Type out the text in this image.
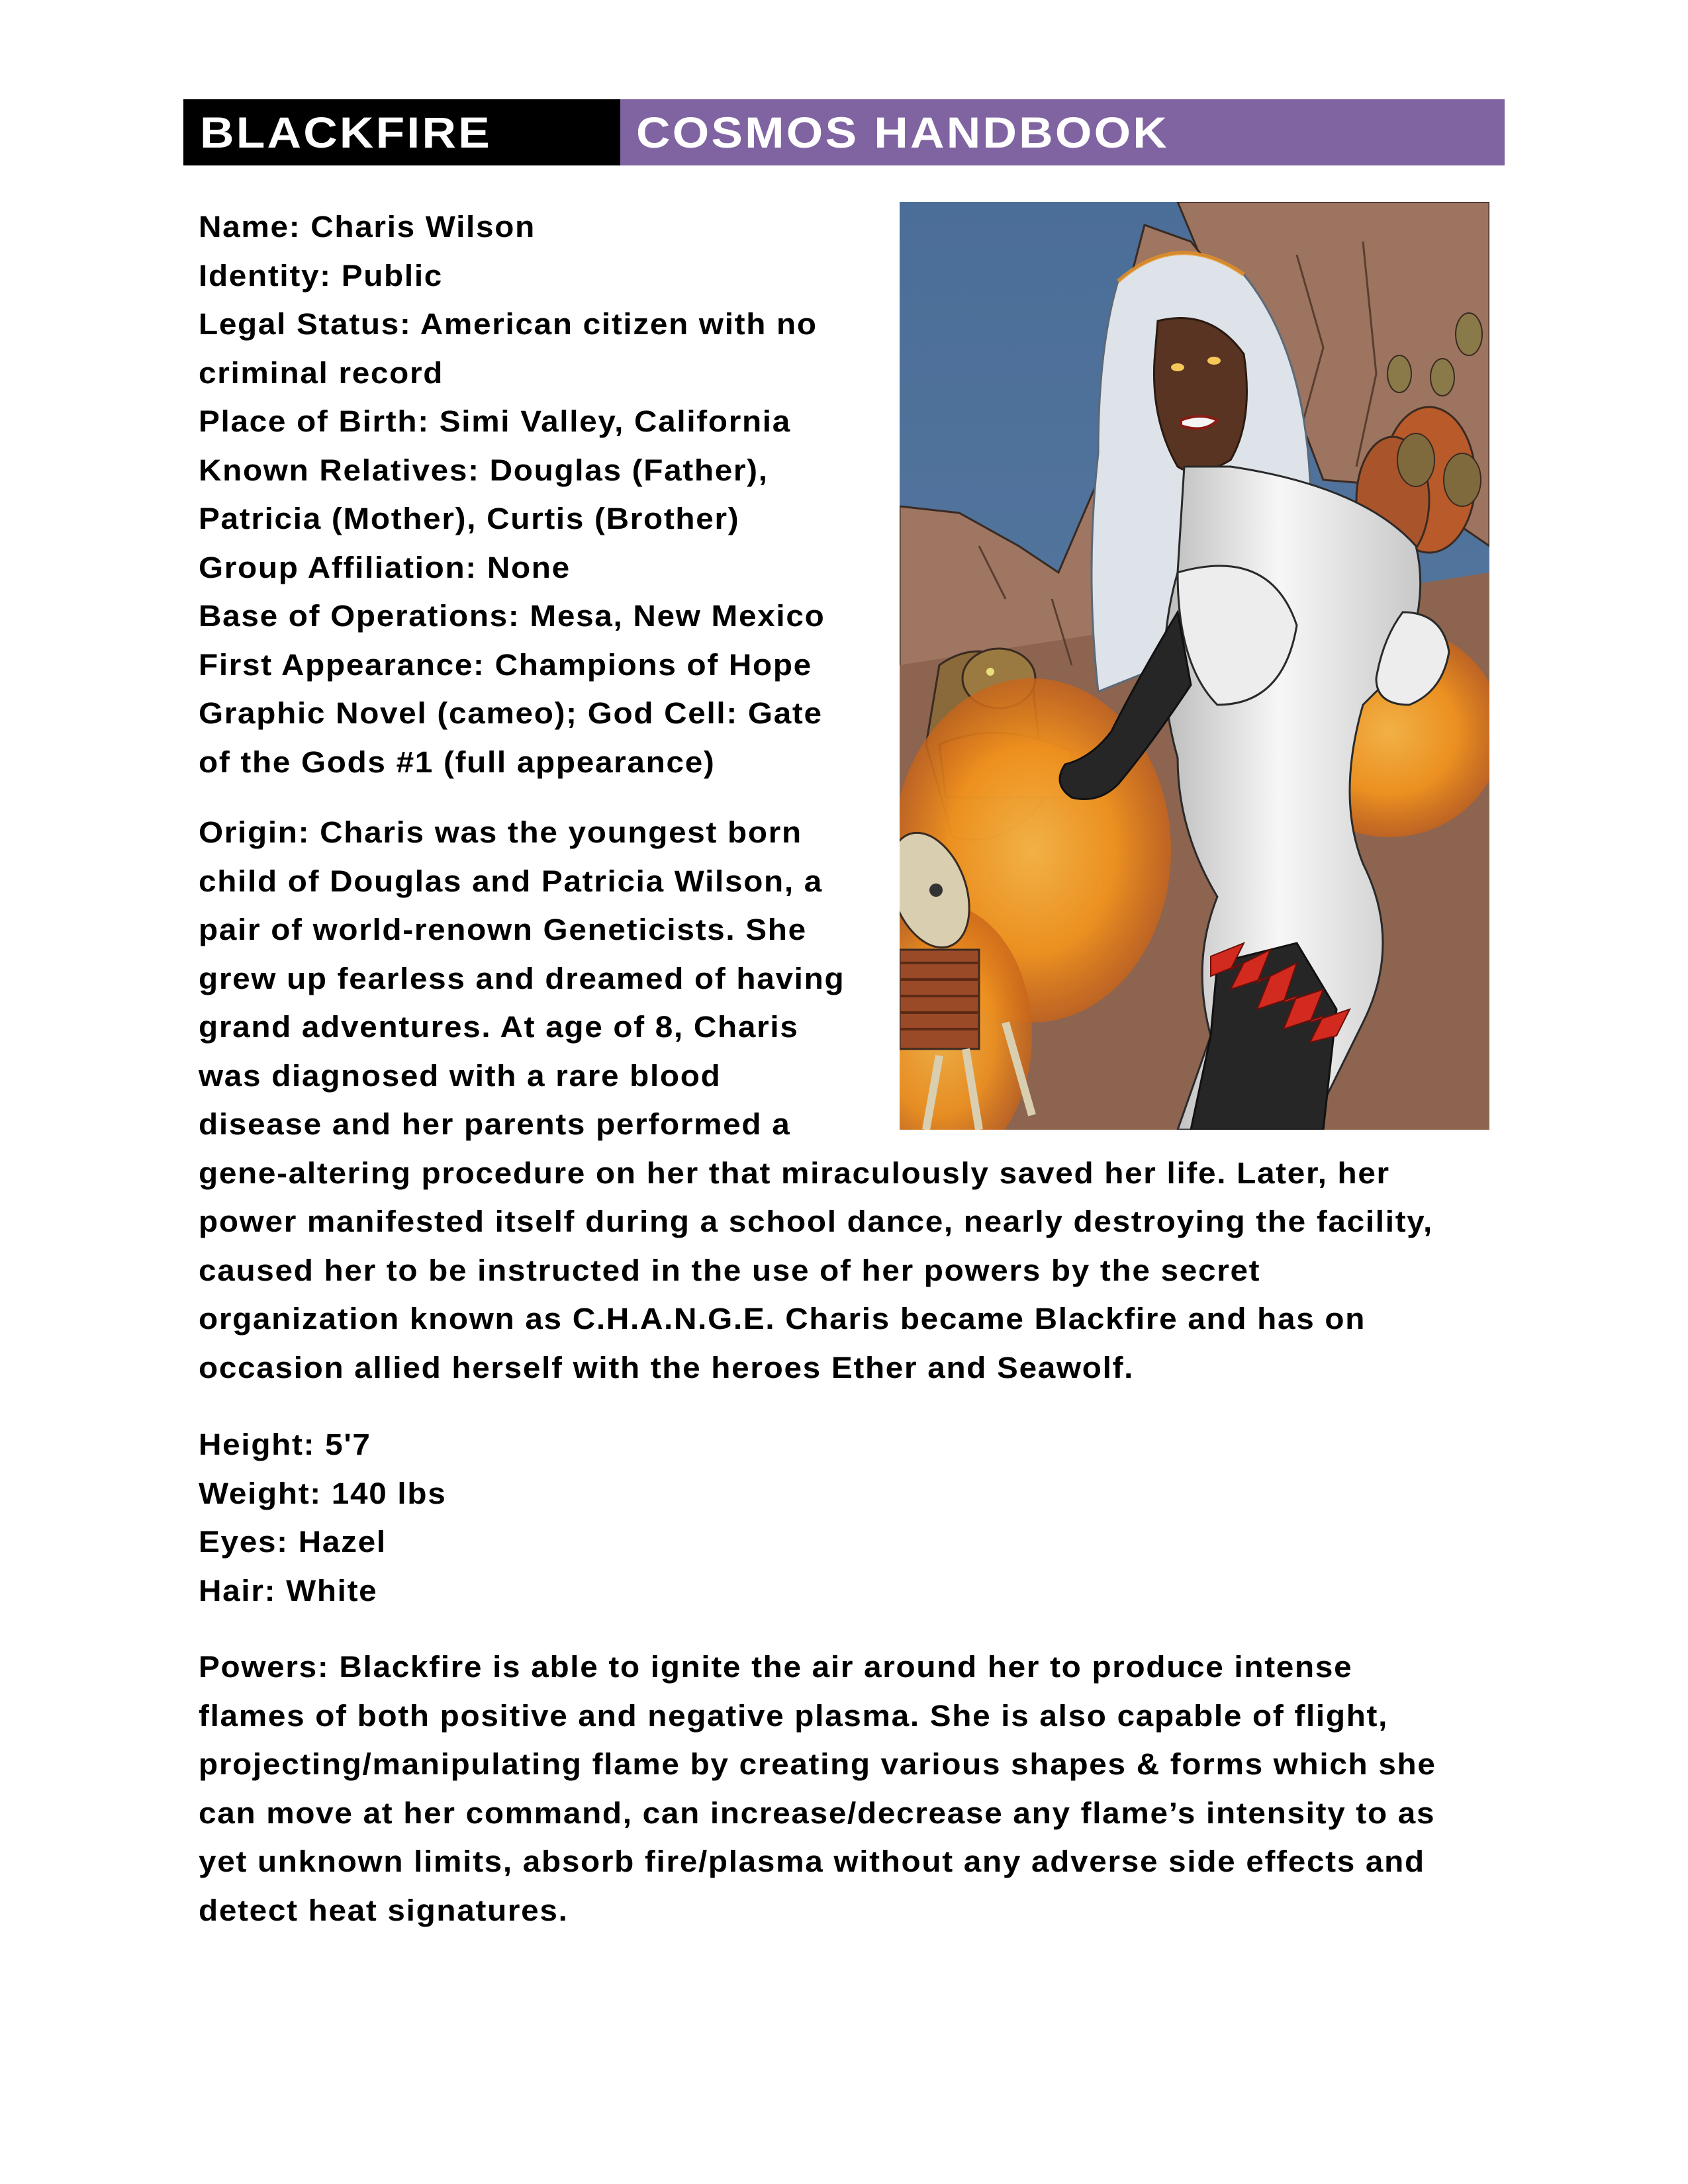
BLACKFIRE	COSMOS HANDBOOK
Name: Charis Wilson
Identity: Public
Legal Status: American citizen with no
criminal record
Place of Birth: Simi Valley, California
Known Relatives: Douglas (Father),
Patricia (Mother), Curtis (Brother)
Group Affiliation: None
Base of Operations: Mesa, New Mexico
First Appearance: Champions of Hope
Graphic Novel (cameo); God Cell: Gate
of the Gods #1 (full appearance)
Origin: Charis was the youngest born
child of Douglas and Patricia Wilson, a
pair of world-renown Geneticists. She
grew up fearless and dreamed of having
grand adventures. At age of 8, Charis
was diagnosed with a rare blood
disease and her parents performed a
gene-altering procedure on her that miraculously saved her life. Later, her
power manifested itself during a school dance, nearly destroying the facility,
caused her to be instructed in the use of her powers by the secret
organization known as C.H.A.N.G.E. Charis became Blackfire and has on
occasion allied herself with the heroes Ether and Seawolf.
Height: 5'7
Weight: 140 lbs
Eyes: Hazel
Hair: White
Powers: Blackfire is able to ignite the air around her to produce intense
flames of both positive and negative plasma. She is also capable of flight,
projecting/manipulating flame by creating various shapes & forms which she
can move at her command, can increase/decrease any flame’s intensity to as
yet unknown limits, absorb fire/plasma without any adverse side effects and
detect heat signatures.
